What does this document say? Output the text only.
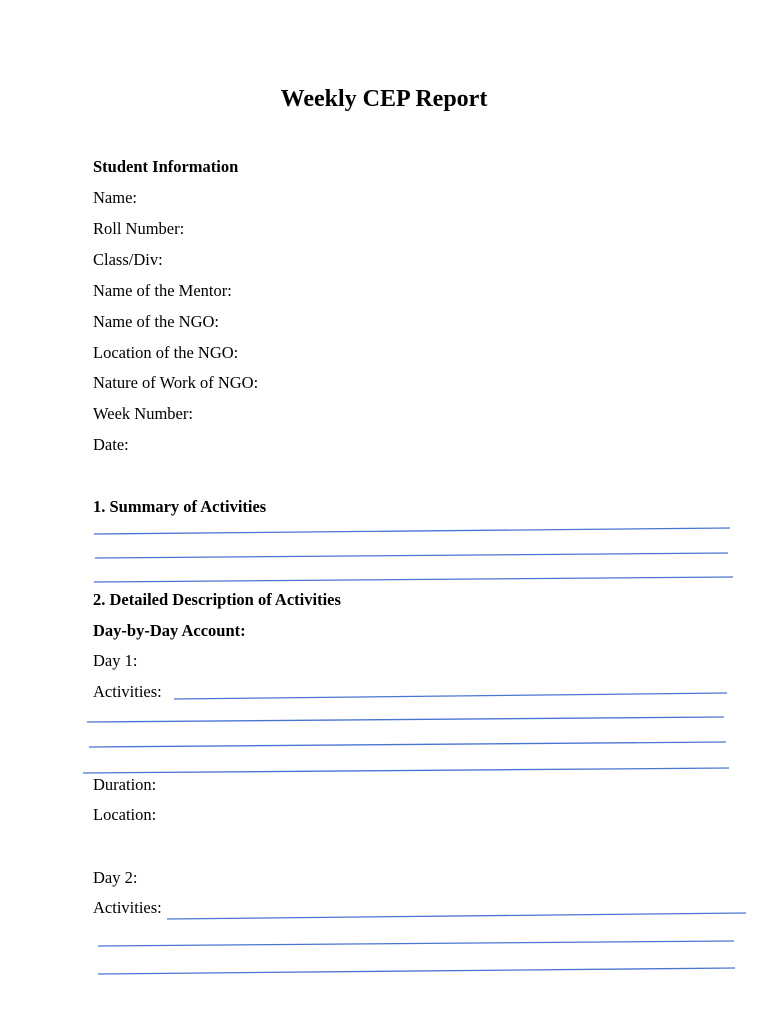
Weekly CEP Report
Student Information
Name:
Roll Number:
Class/Div:
Name of the Mentor:
Name of the NGO:
Location of the NGO:
Nature of Work of NGO:
Week Number:
Date:
1. Summary of Activities
2. Detailed Description of Activities
Day-by-Day Account:
Day 1:
Activities:
Duration:
Location:
Day 2:
Activities:
